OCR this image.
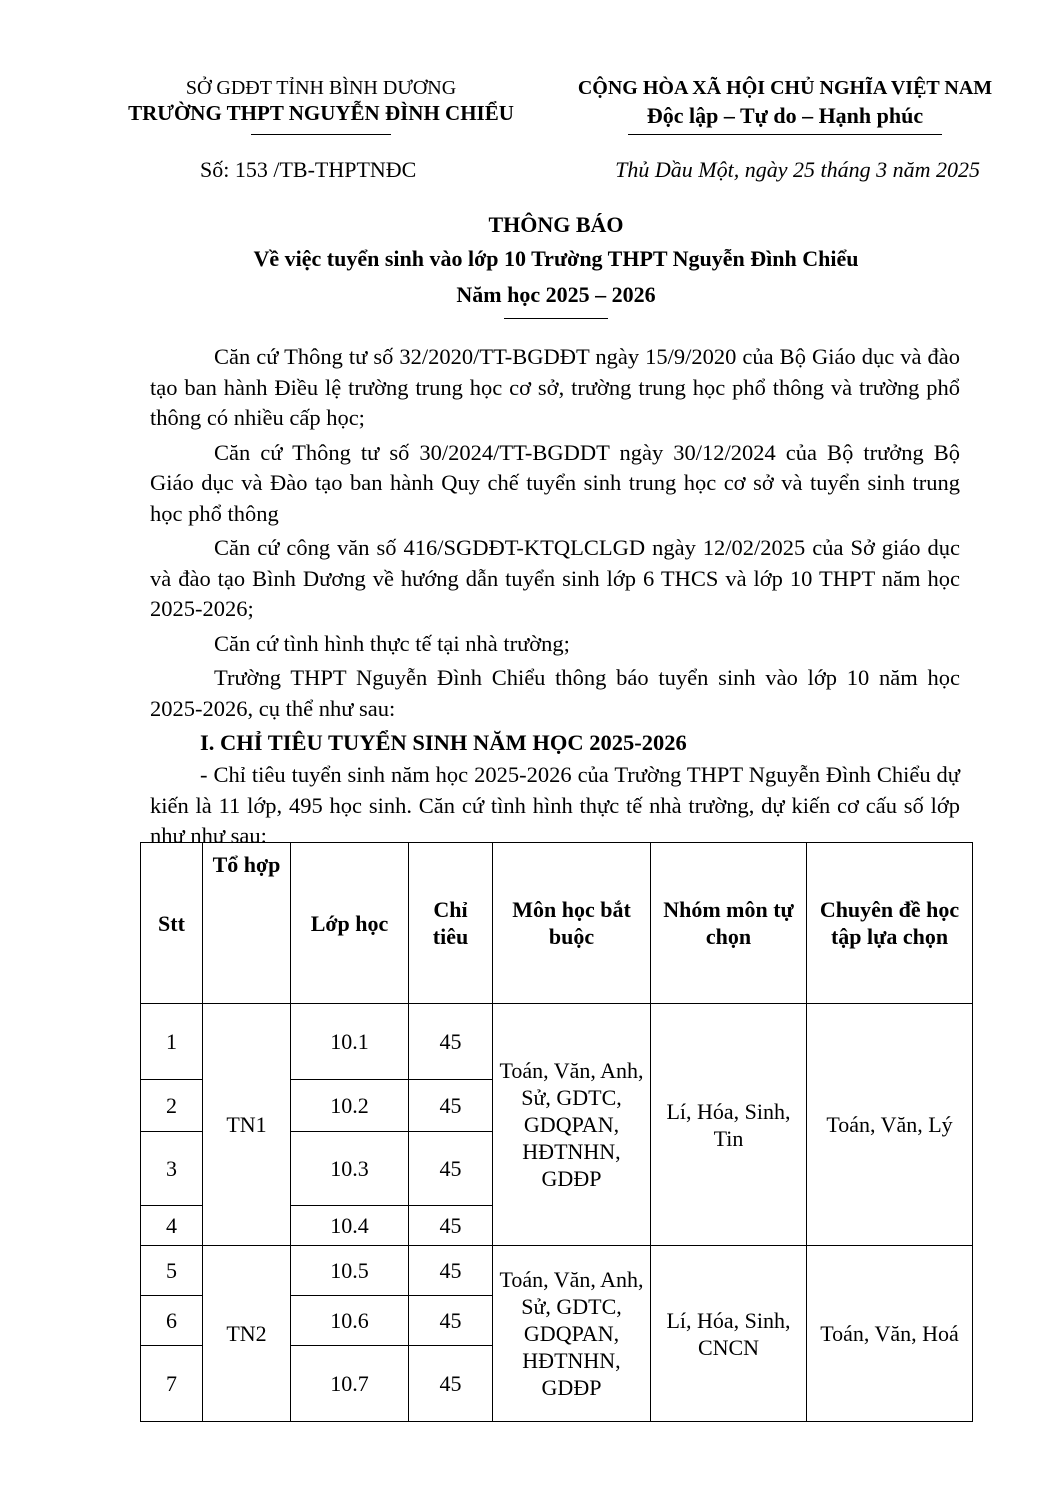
SỞ GDĐT TỈNH BÌNH DƯƠNG
TRƯỜNG THPT NGUYỄN ĐÌNH CHIỂU
CỘNG HÒA XÃ HỘI CHỦ NGHĨA VIỆT NAM
Độc lập – Tự do – Hạnh phúc
Số: 153 /TB-THPTNĐC	Thủ Dầu Một, ngày 25 tháng 3 năm 2025
THÔNG BÁO
Về việc tuyển sinh vào lớp 10 Trường THPT Nguyễn Đình Chiểu
Năm học 2025 – 2026

Căn cứ Thông tư số 32/2020/TT-BGDĐT ngày 15/9/2020 của Bộ Giáo dục và đào tạo ban hành Điều lệ trường trung học cơ sở, trường trung học phổ thông và trường phổ thông có nhiều cấp học;

Căn cứ Thông tư số 30/2024/TT-BGDDT ngày 30/12/2024 của Bộ trưởng Bộ Giáo dục và Đào tạo ban hành Quy chế tuyển sinh trung học cơ sở và tuyển sinh trung học phổ thông

Căn cứ công văn số 416/SGDĐT-KTQLCLGD ngày 12/02/2025 của Sở giáo dục và đào tạo Bình Dương về hướng dẫn tuyển sinh lớp 6 THCS và lớp 10 THPT năm học 2025-2026;

Căn cứ tình hình thực tế tại nhà trường;

Trường THPT Nguyễn Đình Chiểu thông báo tuyển sinh vào lớp 10 năm học 2025-2026, cụ thể như sau:

I. CHỈ TIÊU TUYỂN SINH NĂM HỌC 2025-2026

- Chỉ tiêu tuyển sinh năm học 2025-2026 của Trường THPT Nguyễn Đình Chiểu dự kiến là 11 lớp, 495 học sinh. Căn cứ tình hình thực tế nhà trường, dự kiến cơ cấu số lớp như như sau:

Stt	Tổ hợp	Lớp học	Chỉ tiêu	Môn học bắt buộc	Nhóm môn tự chọn	Chuyên đề học tập lựa chọn
1	TN1	10.1	45	Toán, Văn, Anh, Sử, GDTC, GDQPAN, HĐTNHN, GDĐP	Lí, Hóa, Sinh, Tin	Toán, Văn, Lý
2		10.2	45			
3		10.3	45			
4		10.4	45			
5	TN2	10.5	45	Toán, Văn, Anh, Sử, GDTC, GDQPAN, HĐTNHN, GDĐP	Lí, Hóa, Sinh, CNCN	Toán, Văn, Hoá
6		10.6	45			
7		10.7	45			
